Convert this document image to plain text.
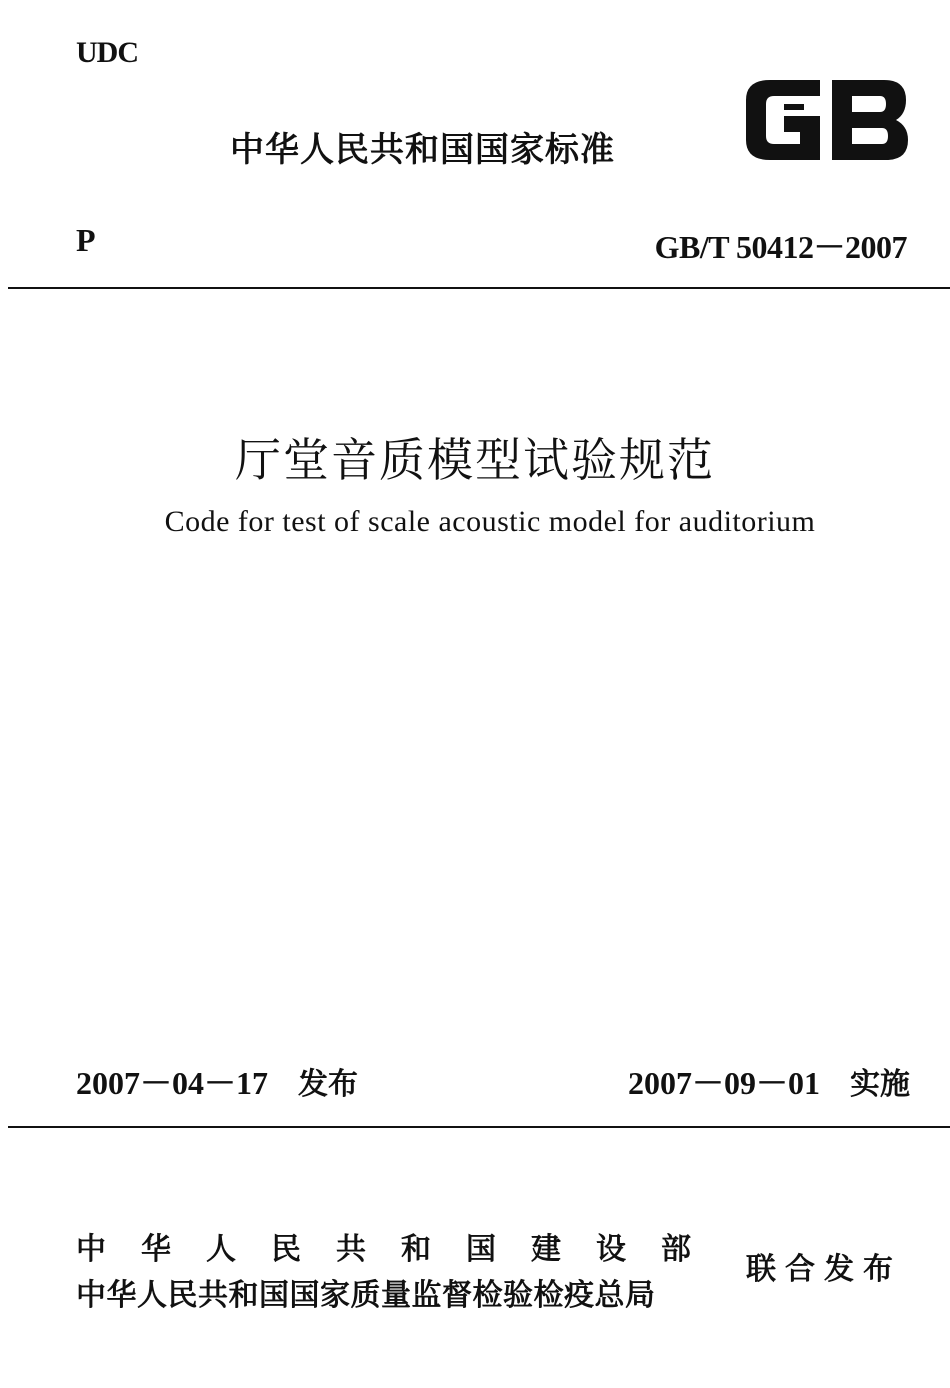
UDC
中华人民共和国国家标准
P	GB/T 50412－2007
厅堂音质模型试验规范
Code for test of scale acoustic model for auditorium
2007－04－17 发布	2007－09－01 实施
中华人民共和国建设部
中华人民共和国国家质量监督检验检疫总局
联合发布
